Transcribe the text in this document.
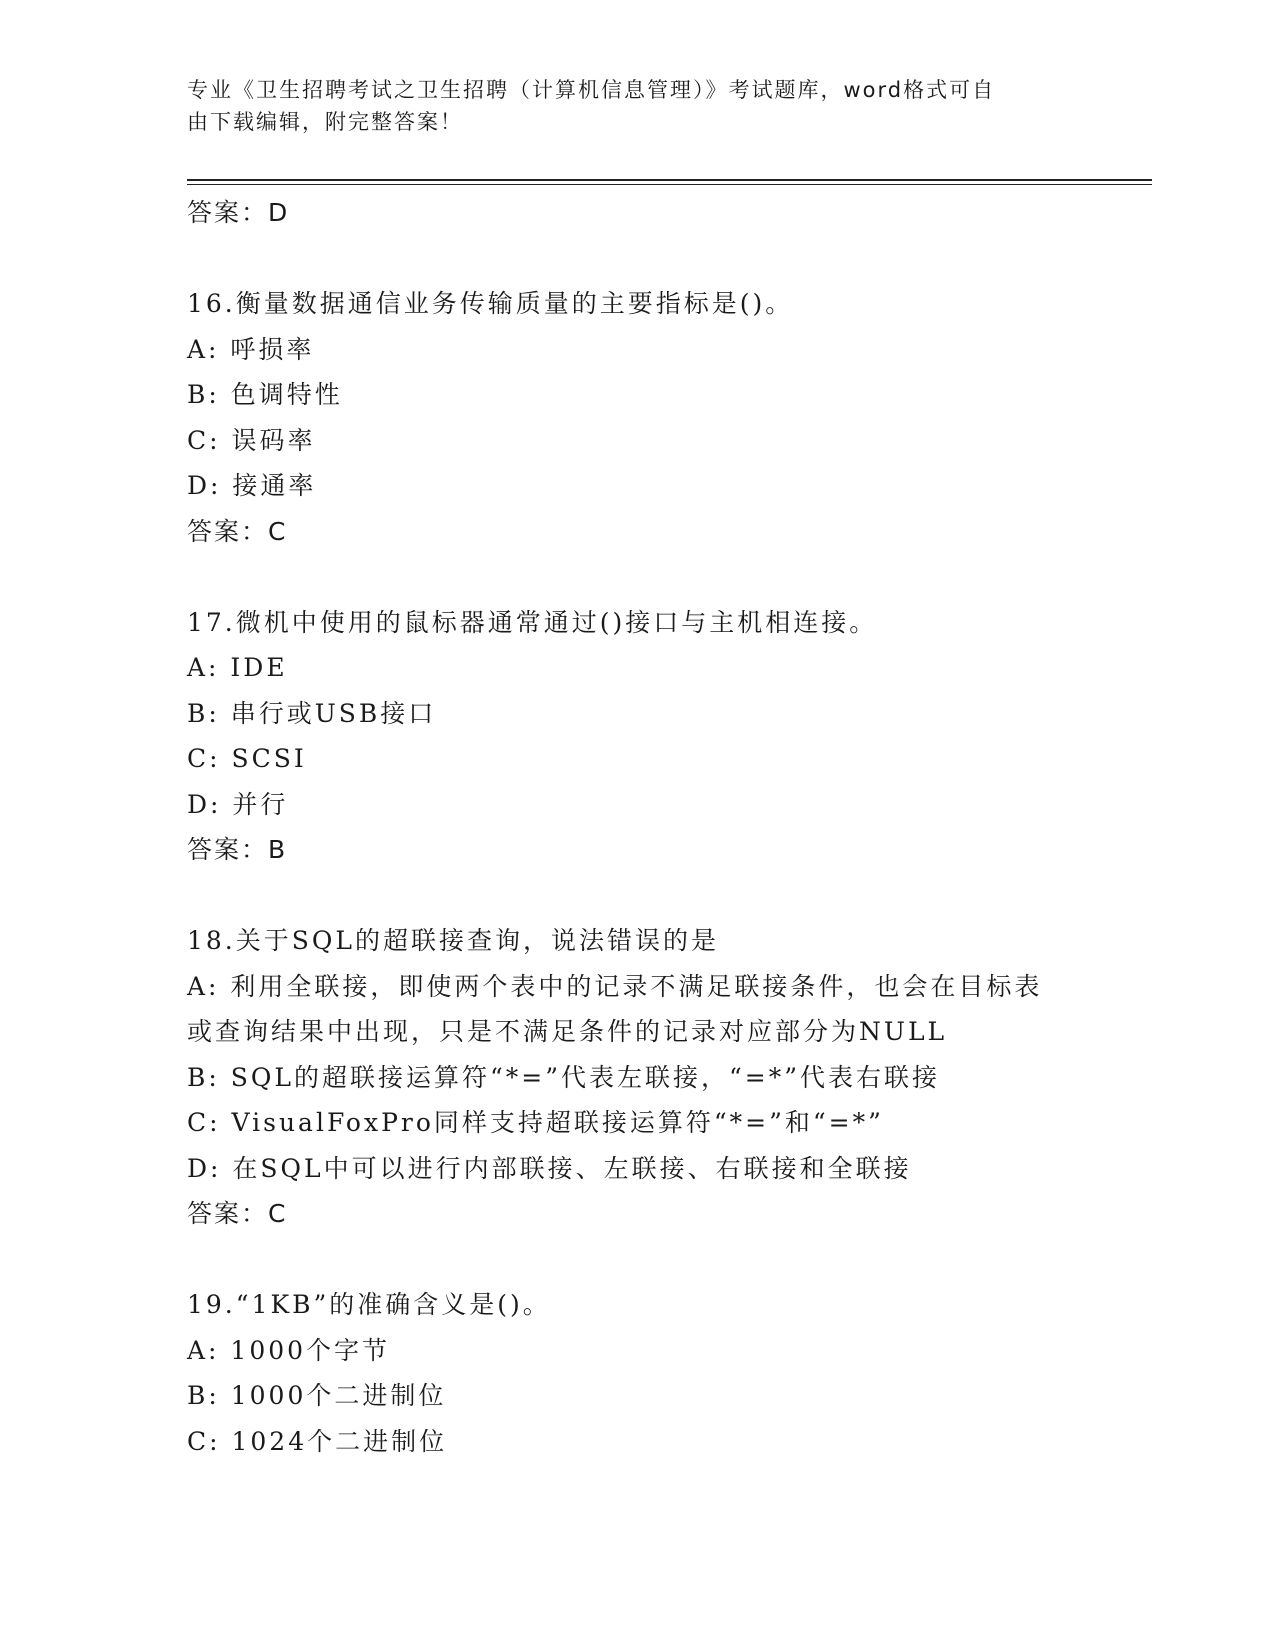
专业《卫生招聘考试之卫生招聘（计算机信息管理）》考试题库，word格式可自
由下载编辑，附完整答案！
答案：D
16.衡量数据通信业务传输质量的主要指标是()。
A: 呼损率
B: 色调特性
C: 误码率
D: 接通率
答案：C
17.微机中使用的鼠标器通常通过()接口与主机相连接。
A: IDE
B: 串行或USB接口
C: SCSI
D: 并行
答案：B
18.关于SQL的超联接查询，说法错误的是
A: 利用全联接，即使两个表中的记录不满足联接条件，也会在目标表
或查询结果中出现，只是不满足条件的记录对应部分为NULL
B: SQL的超联接运算符“*=”代表左联接，“=*”代表右联接
C: VisualFoxPro同样支持超联接运算符“*=”和“=*”
D: 在SQL中可以进行内部联接、左联接、右联接和全联接
答案：C
19.“1KB”的准确含义是()。
A: 1000个字节
B: 1000个二进制位
C: 1024个二进制位
